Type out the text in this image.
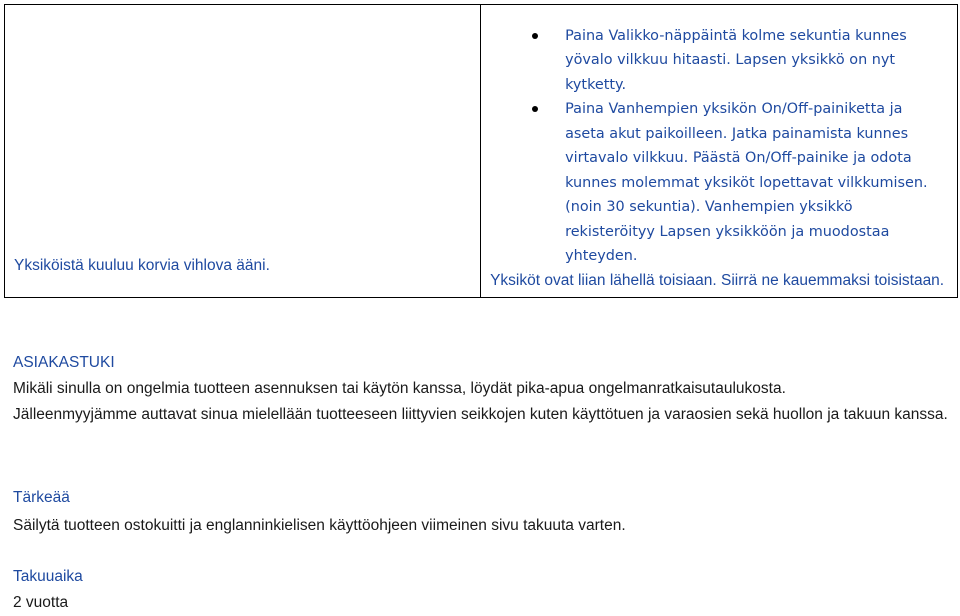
Yksiköistä kuuluu korvia vihlova ääni.

Paina Valikko-näppäintä kolme sekuntia kunnes yövalo vilkkuu hitaasti. Lapsen yksikkö on nyt kytketty.
Paina Vanhempien yksikön On/Off-painiketta ja aseta akut paikoilleen. Jatka painamista kunnes virtavalo vilkkuu. Päästä On/Off-painike ja odota kunnes molemmat yksiköt lopettavat vilkkumisen. (noin 30 sekuntia). Vanhempien yksikkö rekisteröityy Lapsen yksikköön ja muodostaa yhteyden.
Yksiköt ovat liian lähellä toisiaan. Siirrä ne kauemmaksi toisistaan.
ASIAKASTUKI
Mikäli sinulla on ongelmia tuotteen asennuksen tai käytön kanssa, löydät pika-apua ongelmanratkaisutaulukosta.
Jälleenmyyjämme auttavat sinua mielellään tuotteeseen liittyvien seikkojen kuten käyttötuen ja varaosien sekä huollon ja takuun kanssa.
Tärkeää
Säilytä tuotteen ostokuitti ja englanninkielisen käyttöohjeen viimeinen sivu takuuta varten.
Takuuaika
2 vuotta
